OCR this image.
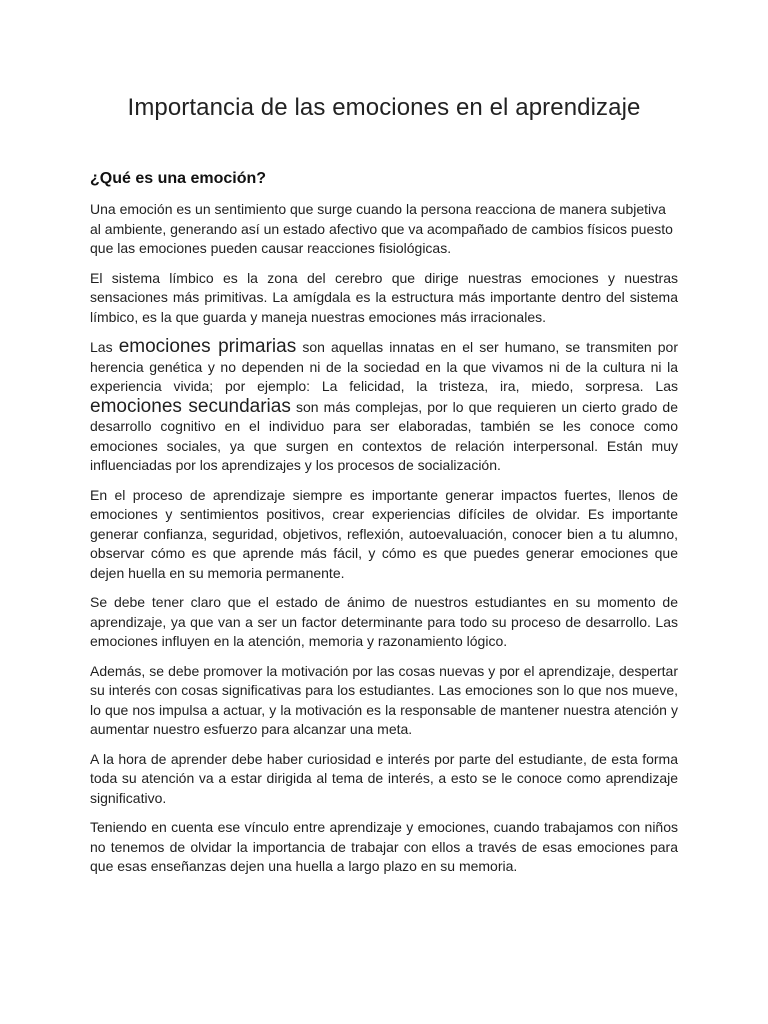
Importancia de las emociones en el aprendizaje
¿Qué es una emoción?

Una emoción es un sentimiento que surge cuando la persona reacciona de manera subjetiva al ambiente, generando así un estado afectivo que va acompañado de cambios físicos puesto que las emociones pueden causar reacciones fisiológicas.

El sistema límbico es la zona del cerebro que dirige nuestras emociones y nuestras sensaciones más primitivas. La amígdala es la estructura más importante dentro del sistema límbico, es la que guarda y maneja nuestras emociones más irracionales.

Las emociones primarias son aquellas innatas en el ser humano, se transmiten por herencia genética y no dependen ni de la sociedad en la que vivamos ni de la cultura ni la experiencia vivida; por ejemplo: La felicidad, la tristeza, ira, miedo, sorpresa. Las emociones secundarias son más complejas, por lo que requieren un cierto grado de desarrollo cognitivo en el individuo para ser elaboradas, también se les conoce como emociones sociales, ya que surgen en contextos de relación interpersonal. Están muy influenciadas por los aprendizajes y los procesos de socialización.

En el proceso de aprendizaje siempre es importante generar impactos fuertes, llenos de emociones y sentimientos positivos, crear experiencias difíciles de olvidar. Es importante generar confianza, seguridad, objetivos, reflexión, autoevaluación, conocer bien a tu alumno, observar cómo es que aprende más fácil, y cómo es que puedes generar emociones que dejen huella en su memoria permanente.

Se debe tener claro que el estado de ánimo de nuestros estudiantes en su momento de aprendizaje, ya que van a ser un factor determinante para todo su proceso de desarrollo. Las emociones influyen en la atención, memoria y razonamiento lógico.

Además, se debe promover la motivación por las cosas nuevas y por el aprendizaje, despertar su interés con cosas significativas para los estudiantes. Las emociones son lo que nos mueve, lo que nos impulsa a actuar, y la motivación es la responsable de mantener nuestra atención y aumentar nuestro esfuerzo para alcanzar una meta.

A la hora de aprender debe haber curiosidad e interés por parte del estudiante, de esta forma toda su atención va a estar dirigida al tema de interés, a esto se le conoce como aprendizaje significativo.

Teniendo en cuenta ese vínculo entre aprendizaje y emociones, cuando trabajamos con niños no tenemos de olvidar la importancia de trabajar con ellos a través de esas emociones para que esas enseñanzas dejen una huella a largo plazo en su memoria.
